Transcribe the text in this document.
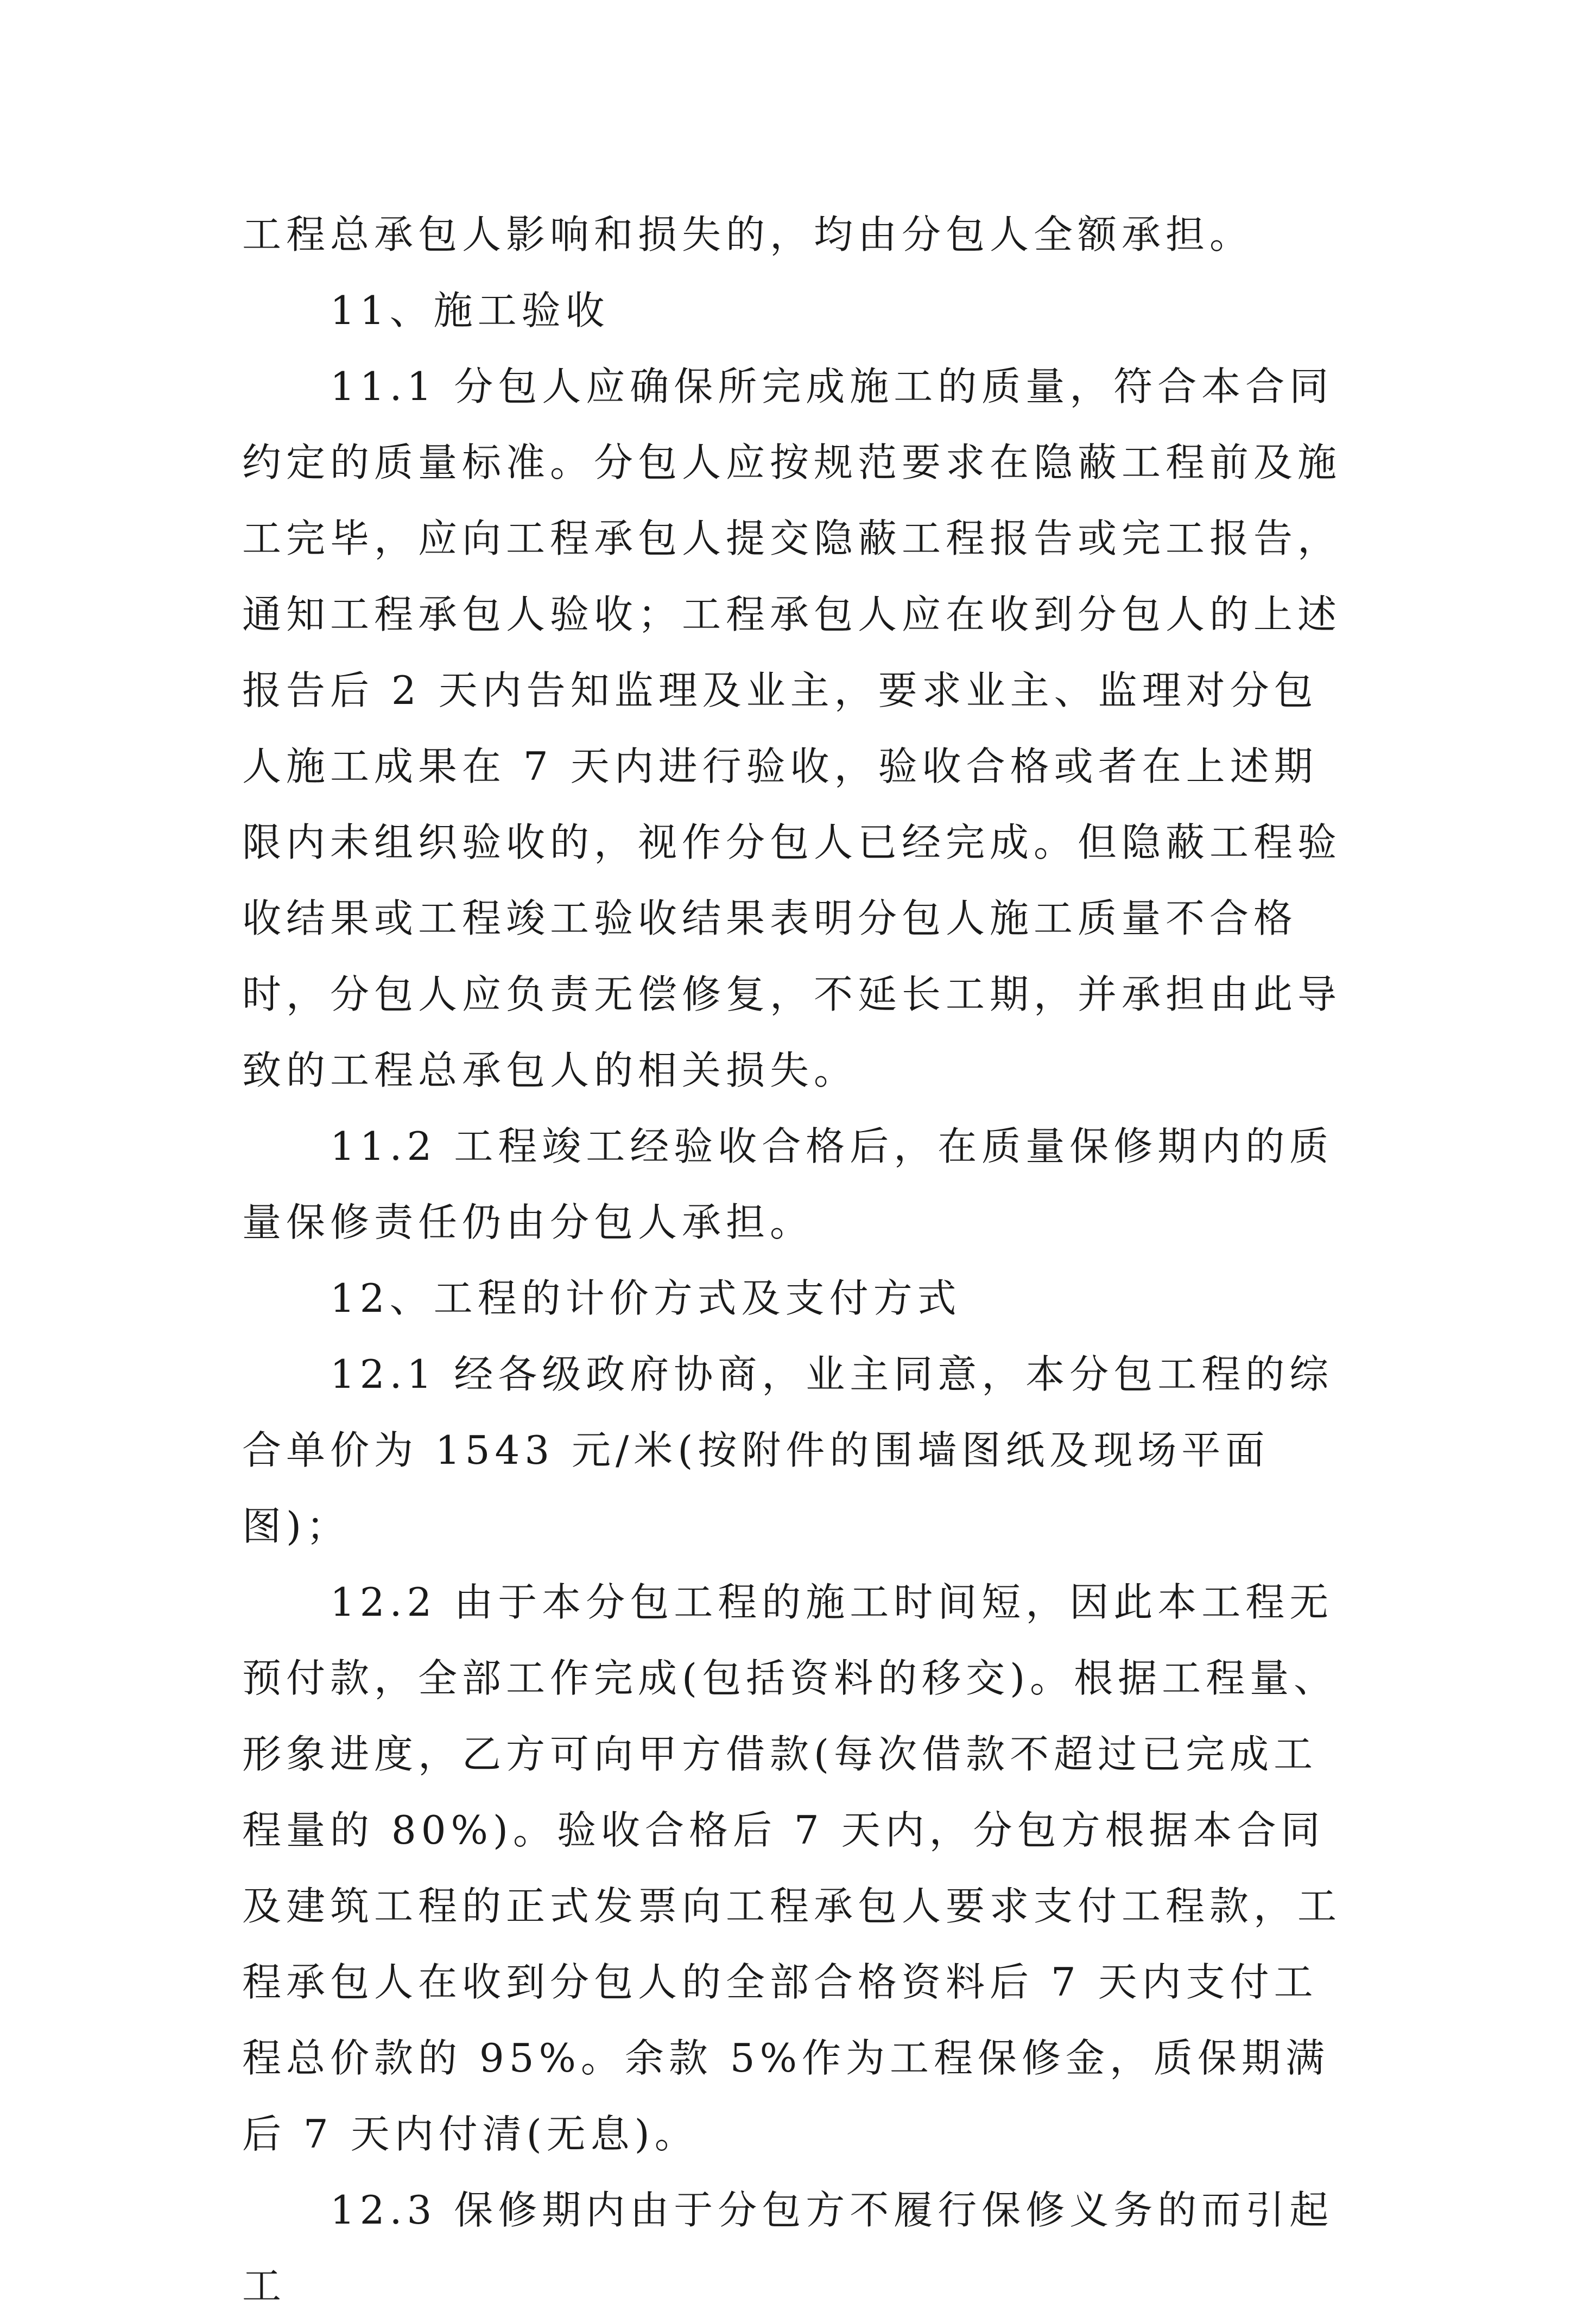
工程总承包人影响和损失的，均由分包人全额承担。

11、施工验收

11.1 分包人应确保所完成施工的质量，符合本合同约定的质量标准。分包人应按规范要求在隐蔽工程前及施工完毕，应向工程承包人提交隐蔽工程报告或完工报告，通知工程承包人验收；工程承包人应在收到分包人的上述报告后 2 天内告知监理及业主，要求业主、监理对分包人施工成果在 7 天内进行验收，验收合格或者在上述期限内未组织验收的，视作分包人已经完成。但隐蔽工程验收结果或工程竣工验收结果表明分包人施工质量不合格时，分包人应负责无偿修复，不延长工期，并承担由此导致的工程总承包人的相关损失。

11.2 工程竣工经验收合格后，在质量保修期内的质量保修责任仍由分包人承担。

12、工程的计价方式及支付方式

12.1 经各级政府协商，业主同意，本分包工程的综合单价为 1543 元/米(按附件的围墙图纸及现场平面图)；

12.2 由于本分包工程的施工时间短，因此本工程无预付款，全部工作完成(包括资料的移交)。根据工程量、形象进度，乙方可向甲方借款(每次借款不超过已完成工程量的 80%)。验收合格后 7 天内，分包方根据本合同及建筑工程的正式发票向工程承包人要求支付工程款，工程承包人在收到分包人的全部合格资料后 7 天内支付工程总价款的 95%。余款 5%作为工程保修金，质保期满后 7 天内付清(无息)。

12.3 保修期内由于分包方不履行保修义务的而引起工
